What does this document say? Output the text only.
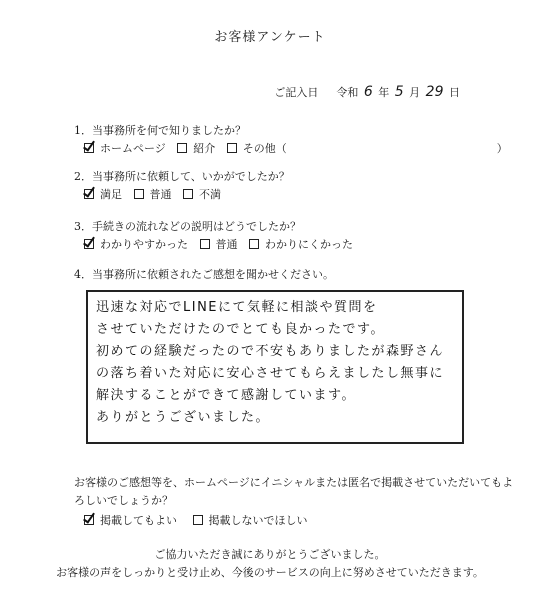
お客様アンケート
ご記入日 　 令和 6 年 5 月 29 日
1．当事務所を何で知りましたか？
ホームページ	紹介	その他（	）
2．当事務所に依頼して、いかがでしたか？
満足	普通	不満
3．手続きの流れなどの説明はどうでしたか？
わかりやすかった	普通	わかりにくかった
4．当事務所に依頼されたご感想を聞かせください。
迅速な対応でLINEにて気軽に相談や質問を
させていただけたのでとても良かったです。
初めての経験だったので不安もありましたが森野さん
の落ち着いた対応に安心させてもらえましたし無事に
解決することができて感謝しています。
ありがとうございました。
お客様のご感想等を、ホームページにイニシャルまたは匿名で掲載させていただいてもよ
ろしいでしょうか？
掲載してもよい	掲載しないでほしい
ご協力いただき誠にありがとうございました。
お客様の声をしっかりと受け止め、今後のサービスの向上に努めさせていただきます。
